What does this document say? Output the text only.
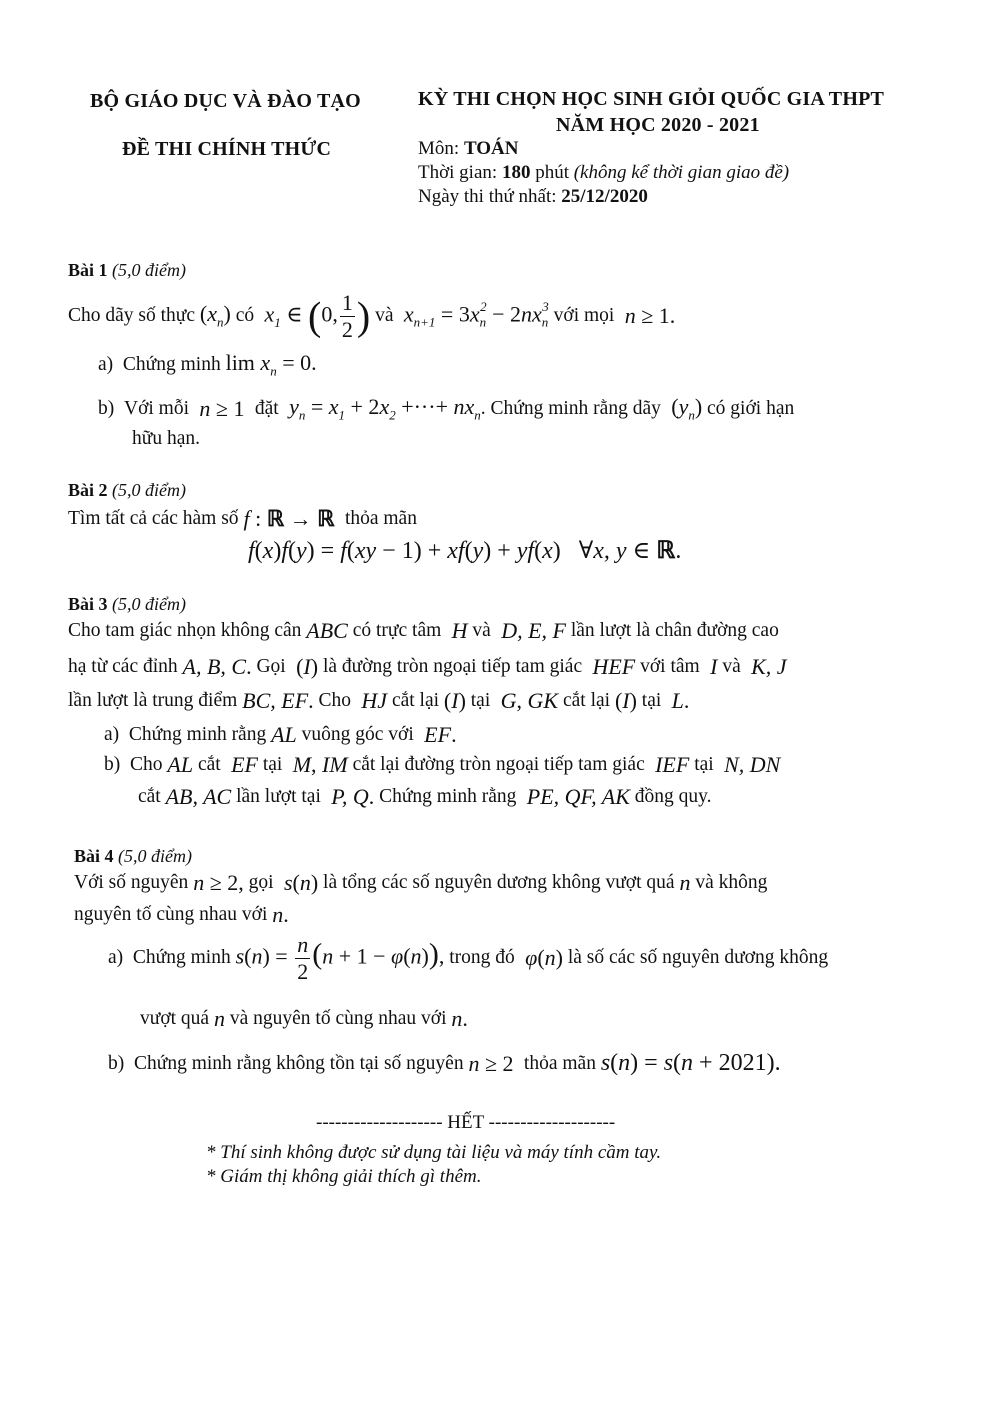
BỘ GIÁO DỤC VÀ ĐÀO TẠO
ĐỀ THI CHÍNH THỨC
KỲ THI CHỌN HỌC SINH GIỎI QUỐC GIA THPT
NĂM HỌC 2020 - 2021
Môn: TOÁN
Thời gian: 180 phút (không kể thời gian giao đề)
Ngày thi thứ nhất: 25/12/2020
Bài 1 (5,0 điểm)
Cho dãy số thực $(x_n)$ có $x_1$ ∈ (0, $\frac{1}{2}$ ) và $x_{n+1} = 3x_n^2 - 2nx_n^3$ với mọi n ≥ 1.
a)
Chứng minh $\lim x_n = 0$.
b)
Với mỗi n ≥ 1 đặt $y_n = x_1 + 2x_2$ +···+ $nx_n$ . Chứng minh rằng dãy $(y_n)$ có giới hạn
hữu hạn.
Bài 2 (5,0 điểm)
Tìm tất cả các hàm số f : ℝ → ℝ thỏa mãn
f(x)f(y) = f(xy − 1) + xf(y) + yf(x) ∀x, y ∈ ℝ.
Bài 3 (5,0 điểm)
Cho tam giác nhọn không cân ABC có trực tâm H và D, E, F lần lượt là chân đường cao
hạ từ các đỉnh A, B, C. Gọi (I) là đường tròn ngoại tiếp tam giác HEF với tâm I và K, J
lần lượt là trung điểm BC, EF. Cho HJ cắt lại (I) tại G, GK cắt lại (I) tại L.
a)
Chứng minh rằng AL vuông góc với EF.
b)
Cho AL cắt EF tại M, IM cắt lại đường tròn ngoại tiếp tam giác IEF tại N, DN
cắt AB, AC lần lượt tại P, Q. Chứng minh rằng PE, QF, AK đồng quy.
Bài 4 (5,0 điểm)
Với số nguyên n ≥ 2, gọi s(n) là tổng các số nguyên dương không vượt quá n và không
nguyên tố cùng nhau với n.
a)
Chứng minh $s(n) = \frac{n}{2} (n + 1 - \varphi(n))$, trong đó φ(n) là số các số nguyên dương không
vượt quá n và nguyên tố cùng nhau với n.
b)
Chứng minh rằng không tồn tại số nguyên n ≥ 2 thỏa mãn s(n) = s(n + 2021).
-------------------- HẾT --------------------
* Thí sinh không được sử dụng tài liệu và máy tính cầm tay.
* Giám thị không giải thích gì thêm.
